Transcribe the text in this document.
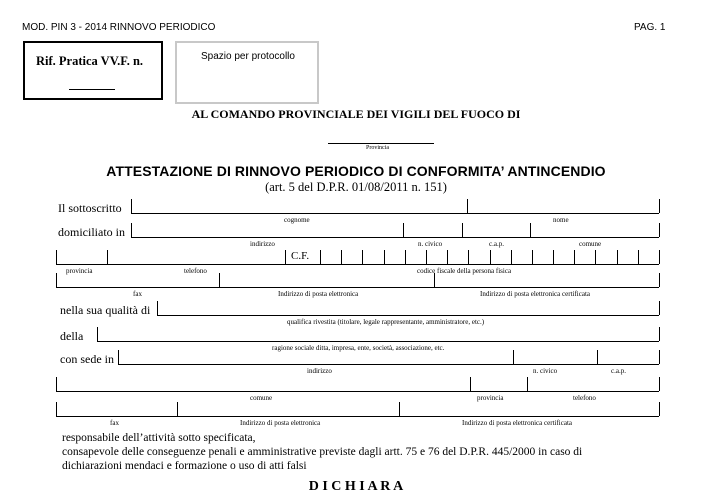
MOD. PIN 3 - 2014 RINNOVO PERIODICO	PAG. 1
Rif. Pratica VV.F. n.	Spazio per protocollo
AL COMANDO PROVINCIALE DEI VIGILI DEL FUOCO DI
Provincia
ATTESTAZIONE DI RINNOVO PERIODICO DI CONFORMITA’ ANTINCENDIO
(art. 5 del D.P.R. 01/08/2011 n. 151)
Il sottoscritto
cognome	nome
domiciliato in
indirizzo	n. civico	c.a.p.	comune
C.F.
provincia	telefono	codice fiscale della persona fisica
fax	Indirizzo di posta elettronica	Indirizzo di posta elettronica certificata
nella sua qualità di
qualifica rivestita (titolare, legale rappresentante, amministratore, etc.)
della
ragione sociale ditta, impresa, ente, società, associazione, etc.
con sede in
indirizzo	n. civico	c.a.p.
comune	provincia	telefono
fax	Indirizzo di posta elettronica	Indirizzo di posta elettronica certificata
responsabile dell’attività sotto specificata,
consapevole delle conseguenze penali e amministrative previste dagli artt. 75 e 76 del D.P.R. 445/2000 in caso di
dichiarazioni mendaci e formazione o uso di atti falsi
D I C H I A R A
